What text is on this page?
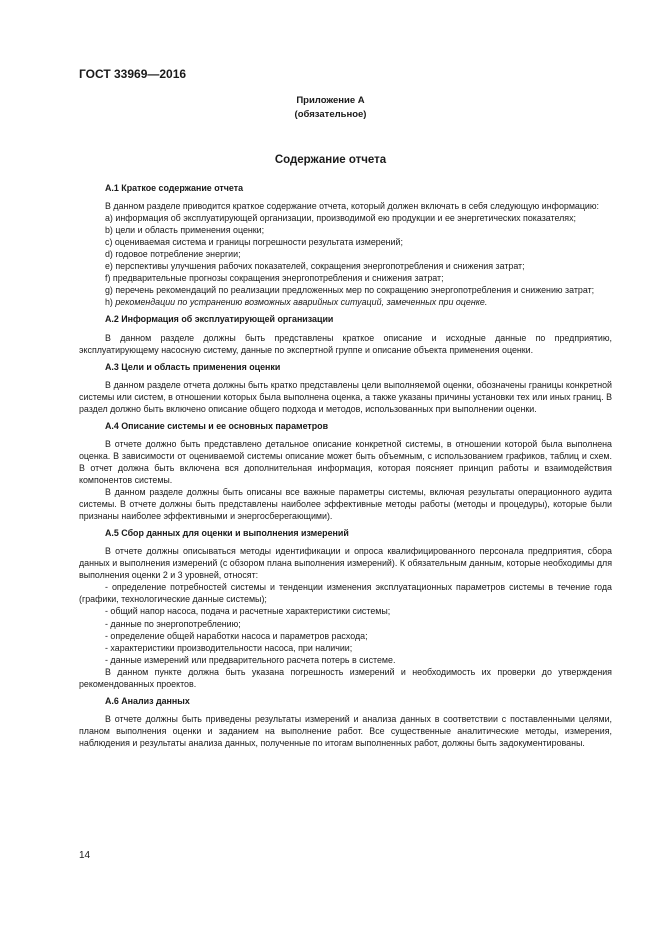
ГОСТ 33969—2016
Приложение А
(обязательное)
Содержание отчета
А.1 Краткое содержание отчета
В данном разделе приводится краткое содержание отчета, который должен включать в себя следующую информацию:
a) информация об эксплуатирующей организации, производимой ею продукции и ее энергетических показателях;
b) цели и область применения оценки;
c) оцениваемая система и границы погрешности результата измерений;
d) годовое потребление энергии;
e) перспективы улучшения рабочих показателей, сокращения энергопотребления и снижения затрат;
f) предварительные прогнозы сокращения энергопотребления и снижения затрат;
g) перечень рекомендаций по реализации предложенных мер по сокращению энергопотребления и снижению затрат;
h) рекомендации по устранению возможных аварийных ситуаций, замеченных при оценке.
А.2 Информация об эксплуатирующей организации
В данном разделе должны быть представлены краткое описание и исходные данные по предприятию, эксплуатирующему насосную систему, данные по экспертной группе и описание объекта применения оценки.
А.3 Цели и область применения оценки
В данном разделе отчета должны быть кратко представлены цели выполняемой оценки, обозначены границы конкретной системы или систем, в отношении которых была выполнена оценка, а также указаны причины установки тех или иных границ. В раздел должно быть включено описание общего подхода и методов, использованных при выполнении оценки.
А.4 Описание системы и ее основных параметров
В отчете должно быть представлено детальное описание конкретной системы, в отношении которой была выполнена оценка. В зависимости от оцениваемой системы описание может быть объемным, с использованием графиков, таблиц и схем. В отчет должна быть включена вся дополнительная информация, которая поясняет принцип работы и взаимодействия компонентов системы.
В данном разделе должны быть описаны все важные параметры системы, включая результаты операционного аудита системы. В отчете должны быть представлены наиболее эффективные методы работы (методы и процедуры), которые были признаны наиболее эффективными и энергосберегающими).
А.5 Сбор данных для оценки и выполнения измерений
В отчете должны описываться методы идентификации и опроса квалифицированного персонала предприятия, сбора данных и выполнения измерений (с обзором плана выполнения измерений). К обязательным данным, которые необходимы для выполнения оценки 2 и 3 уровней, относят:
- определение потребностей системы и тенденции изменения эксплуатационных параметров системы в течение года (графики, технологические данные системы);
- общий напор насоса, подача и расчетные характеристики системы;
- данные по энергопотреблению;
- определение общей наработки насоса и параметров расхода;
- характеристики производительности насоса, при наличии;
- данные измерений или предварительного расчета потерь в системе.
В данном пункте должна быть указана погрешность измерений и необходимость их проверки до утверждения рекомендованных проектов.
А.6 Анализ данных
В отчете должны быть приведены результаты измерений и анализа данных в соответствии с поставленными целями, планом выполнения оценки и заданием на выполнение работ. Все существенные аналитические методы, измерения, наблюдения и результаты анализа данных, полученные по итогам выполненных работ, должны быть задокументированы.
14
